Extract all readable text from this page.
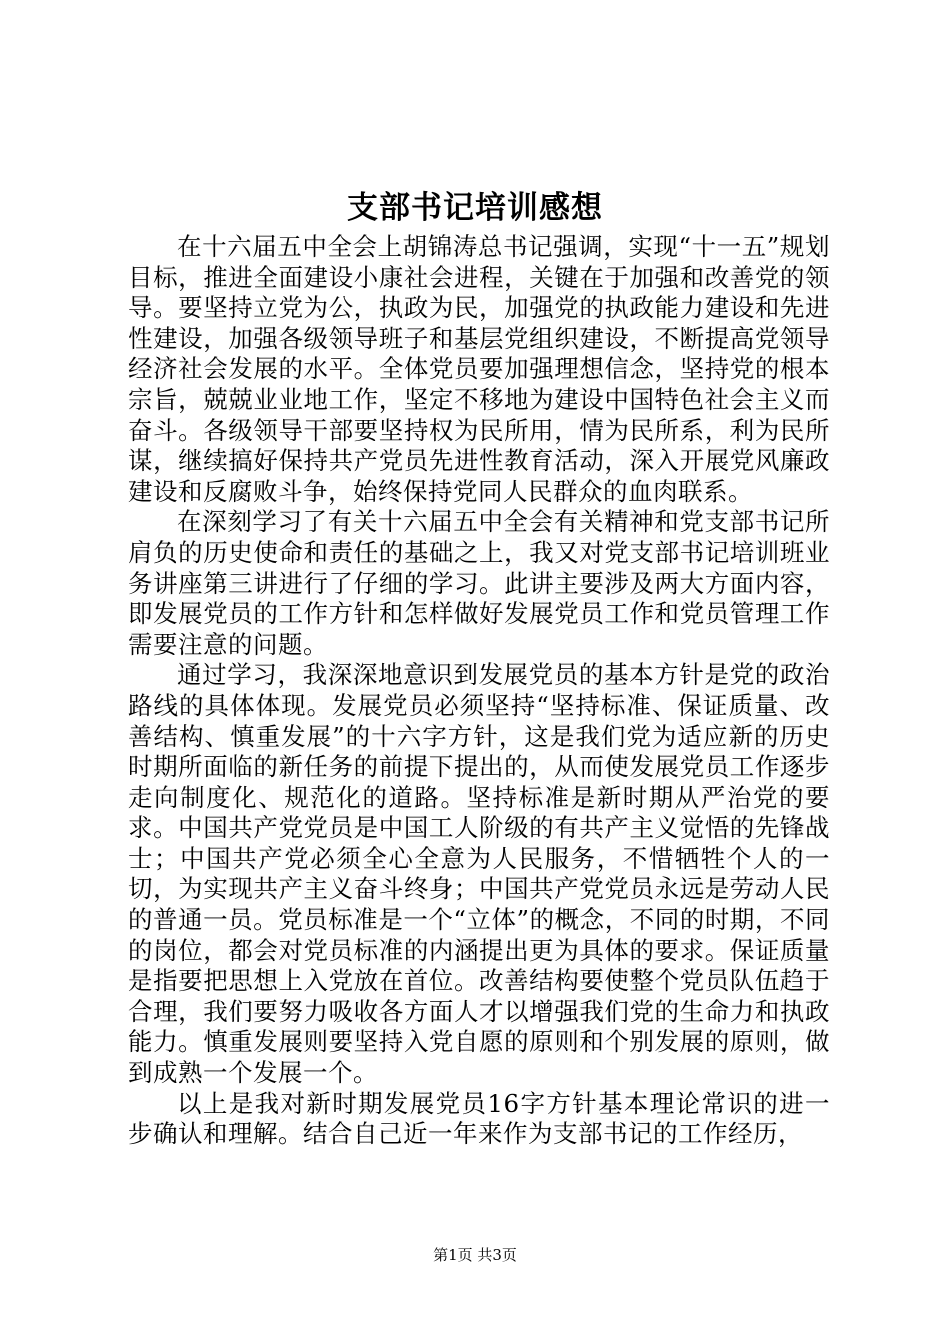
支部书记培训感想

在十六届五中全会上胡锦涛总书记强调，实现“十一五”规划目标，推进全面建设小康社会进程，关键在于加强和改善党的领导。要坚持立党为公，执政为民，加强党的执政能力建设和先进性建设，加强各级领导班子和基层党组织建设，不断提高党领导经济社会发展的水平。全体党员要加强理想信念，坚持党的根本宗旨，兢兢业业地工作，坚定不移地为建设中国特色社会主义而奋斗。各级领导干部要坚持权为民所用，情为民所系，利为民所谋，继续搞好保持共产党员先进性教育活动，深入开展党风廉政建设和反腐败斗争，始终保持党同人民群众的血肉联系。

在深刻学习了有关十六届五中全会有关精神和党支部书记所肩负的历史使命和责任的基础之上，我又对党支部书记培训班业务讲座第三讲进行了仔细的学习。此讲主要涉及两大方面内容，即发展党员的工作方针和怎样做好发展党员工作和党员管理工作需要注意的问题。

通过学习，我深深地意识到发展党员的基本方针是党的政治路线的具体体现。发展党员必须坚持“坚持标准、保证质量、改善结构、慎重发展”的十六字方针，这是我们党为适应新的历史时期所面临的新任务的前提下提出的，从而使发展党员工作逐步走向制度化、规范化的道路。坚持标准是新时期从严治党的要求。中国共产党党员是中国工人阶级的有共产主义觉悟的先锋战士；中国共产党必须全心全意为人民服务，不惜牺牲个人的一切，为实现共产主义奋斗终身；中国共产党党员永远是劳动人民的普通一员。党员标准是一个“立体”的概念，不同的时期，不同的岗位，都会对党员标准的内涵提出更为具体的要求。保证质量是指要把思想上入党放在首位。改善结构要使整个党员队伍趋于合理，我们要努力吸收各方面人才以增强我们党的生命力和执政能力。慎重发展则要坚持入党自愿的原则和个别发展的原则，做到成熟一个发展一个。

以上是我对新时期发展党员16字方针基本理论常识的进一步确认和理解。结合自己近一年来作为支部书记的工作经历，

第1页 共3页
